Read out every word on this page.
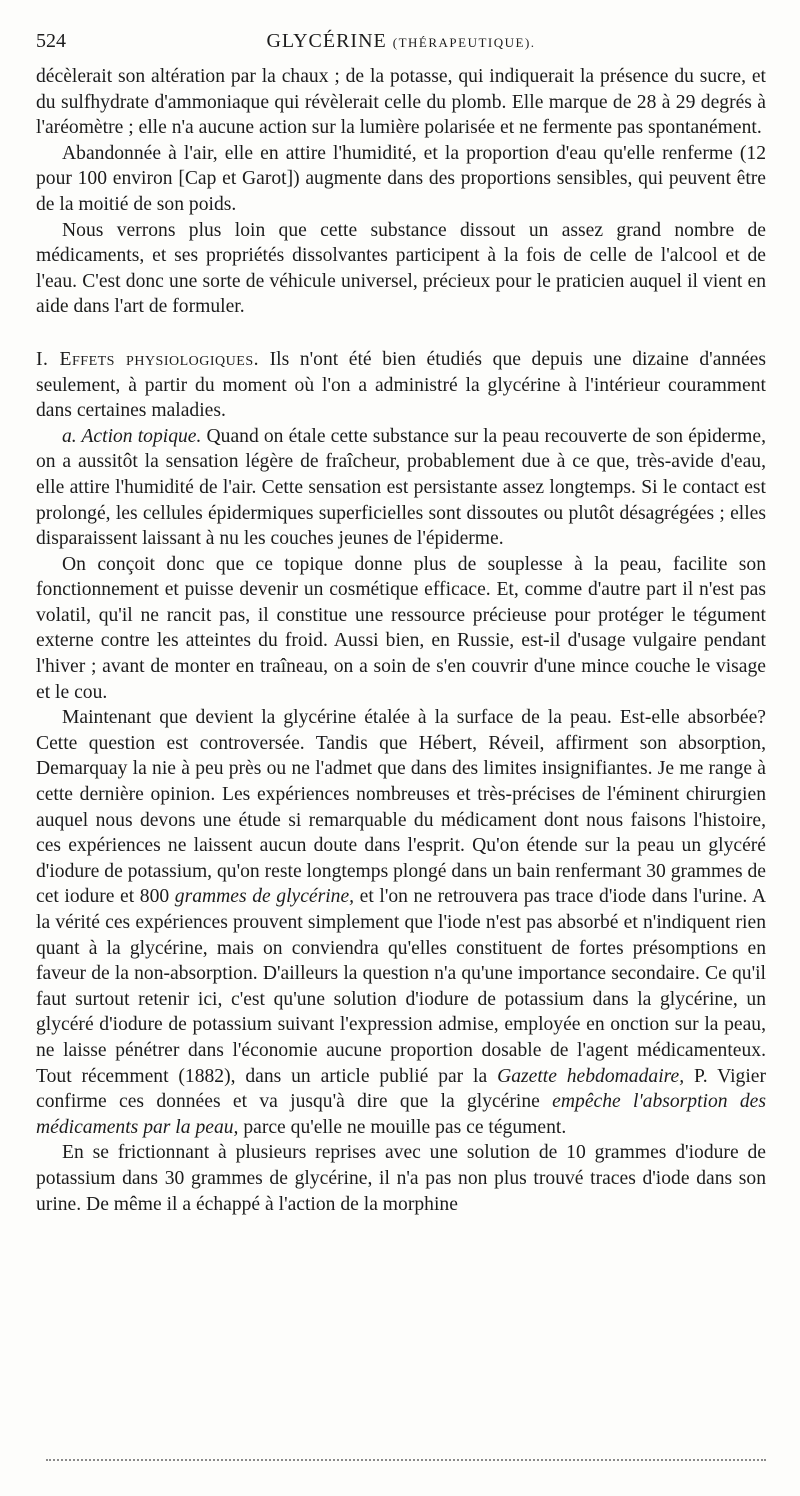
524	GLYCÉRINE (THÉRAPEUTIQUE).

décèlerait son altération par la chaux ; de la potasse, qui indiquerait la présence du sucre, et du sulfhydrate d'ammoniaque qui révèlerait celle du plomb. Elle marque de 28 à 29 degrés à l'aréomètre ; elle n'a aucune action sur la lumière polarisée et ne fermente pas spontanément.

Abandonnée à l'air, elle en attire l'humidité, et la proportion d'eau qu'elle renferme (12 pour 100 environ [Cap et Garot]) augmente dans des proportions sensibles, qui peuvent être de la moitié de son poids.

Nous verrons plus loin que cette substance dissout un assez grand nombre de médicaments, et ses propriétés dissolvantes participent à la fois de celle de l'alcool et de l'eau. C'est donc une sorte de véhicule universel, précieux pour le praticien auquel il vient en aide dans l'art de formuler.

I. Effets physiologiques. Ils n'ont été bien étudiés que depuis une dizaine d'années seulement, à partir du moment où l'on a administré la glycérine à l'intérieur couramment dans certaines maladies.

a. Action topique. Quand on étale cette substance sur la peau recouverte de son épiderme, on a aussitôt la sensation légère de fraîcheur, probablement due à ce que, très-avide d'eau, elle attire l'humidité de l'air. Cette sensation est persistante assez longtemps. Si le contact est prolongé, les cellules épidermiques superficielles sont dissoutes ou plutôt désagrégées ; elles disparaissent laissant à nu les couches jeunes de l'épiderme.

On conçoit donc que ce topique donne plus de souplesse à la peau, facilite son fonctionnement et puisse devenir un cosmétique efficace. Et, comme d'autre part il n'est pas volatil, qu'il ne rancit pas, il constitue une ressource précieuse pour protéger le tégument externe contre les atteintes du froid. Aussi bien, en Russie, est-il d'usage vulgaire pendant l'hiver ; avant de monter en traîneau, on a soin de s'en couvrir d'une mince couche le visage et le cou.

Maintenant que devient la glycérine étalée à la surface de la peau. Est-elle absorbée? Cette question est controversée. Tandis que Hébert, Réveil, affirment son absorption, Demarquay la nie à peu près ou ne l'admet que dans des limites insignifiantes. Je me range à cette dernière opinion. Les expériences nombreuses et très-précises de l'éminent chirurgien auquel nous devons une étude si remarquable du médicament dont nous faisons l'histoire, ces expériences ne laissent aucun doute dans l'esprit. Qu'on étende sur la peau un glycéré d'iodure de potassium, qu'on reste longtemps plongé dans un bain renfermant 30 grammes de cet iodure et 800 grammes de glycérine, et l'on ne retrouvera pas trace d'iode dans l'urine. A la vérité ces expériences prouvent simplement que l'iode n'est pas absorbé et n'indiquent rien quant à la glycérine, mais on conviendra qu'elles constituent de fortes présomptions en faveur de la non-absorption. D'ailleurs la question n'a qu'une importance secondaire. Ce qu'il faut surtout retenir ici, c'est qu'une solution d'iodure de potassium dans la glycérine, un glycéré d'iodure de potassium suivant l'expression admise, employée en onction sur la peau, ne laisse pénétrer dans l'économie aucune proportion dosable de l'agent médicamenteux. Tout récemment (1882), dans un article publié par la Gazette hebdomadaire, P. Vigier confirme ces données et va jusqu'à dire que la glycérine empêche l'absorption des médicaments par la peau, parce qu'elle ne mouille pas ce tégument.

En se frictionnant à plusieurs reprises avec une solution de 10 grammes d'iodure de potassium dans 30 grammes de glycérine, il n'a pas non plus trouvé traces d'iode dans son urine. De même il a échappé à l'action de la morphine
